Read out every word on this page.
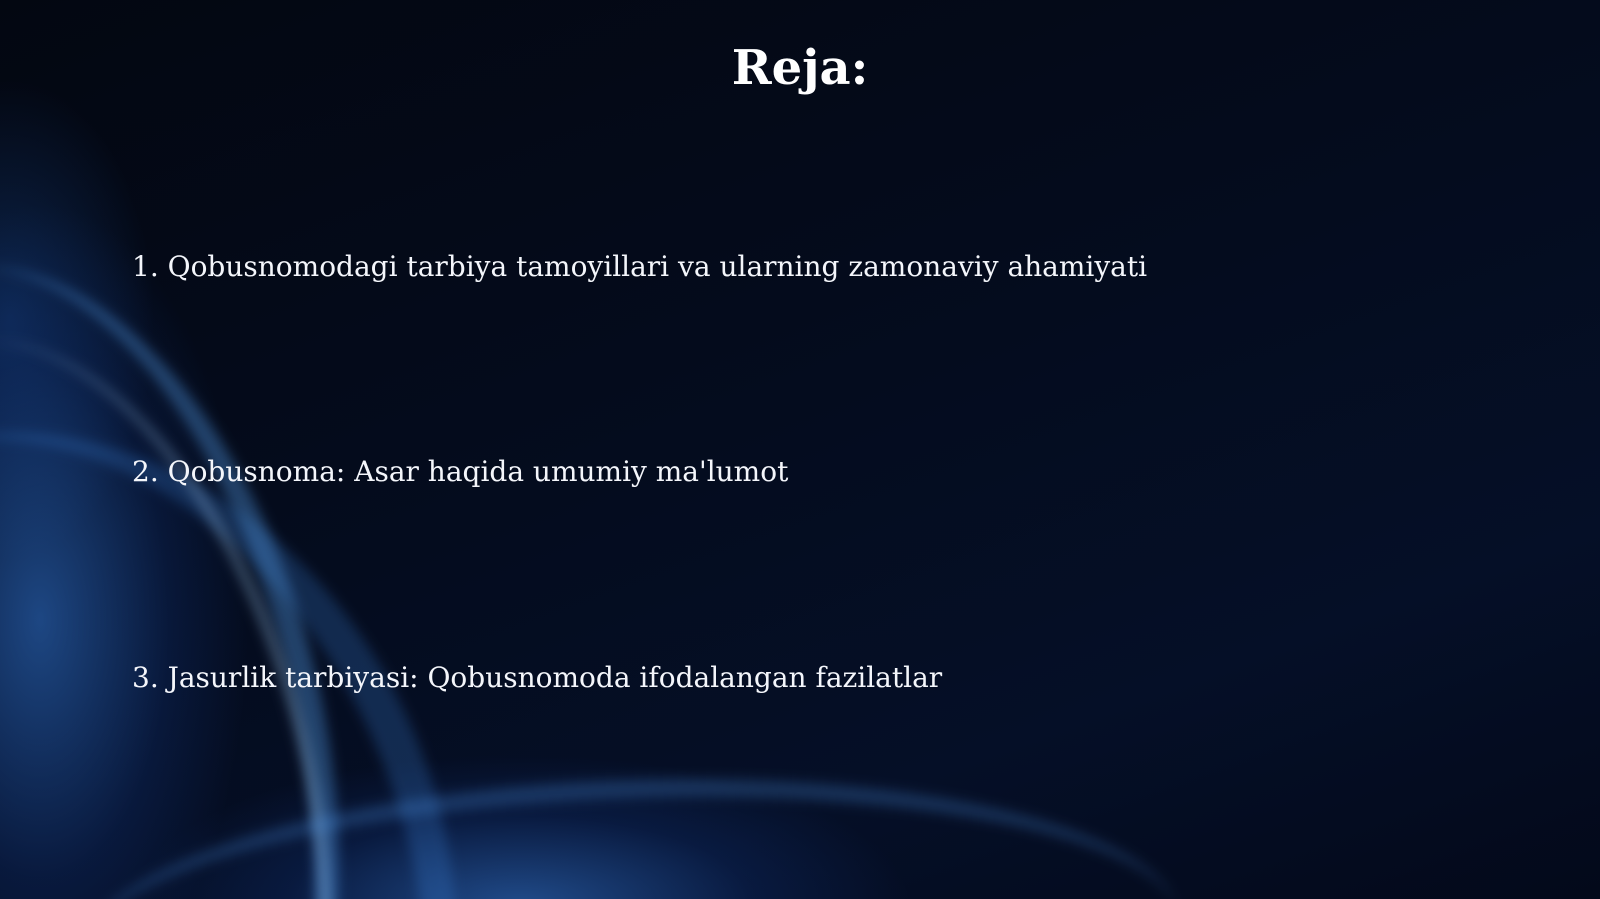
Reja:

1. Qobusnomodagi tarbiya tamoyillari va ularning zamonaviy ahamiyati

2. Qobusnoma: Asar haqida umumiy ma'lumot

3. Jasurlik tarbiyasi: Qobusnomoda ifodalangan fazilatlar
